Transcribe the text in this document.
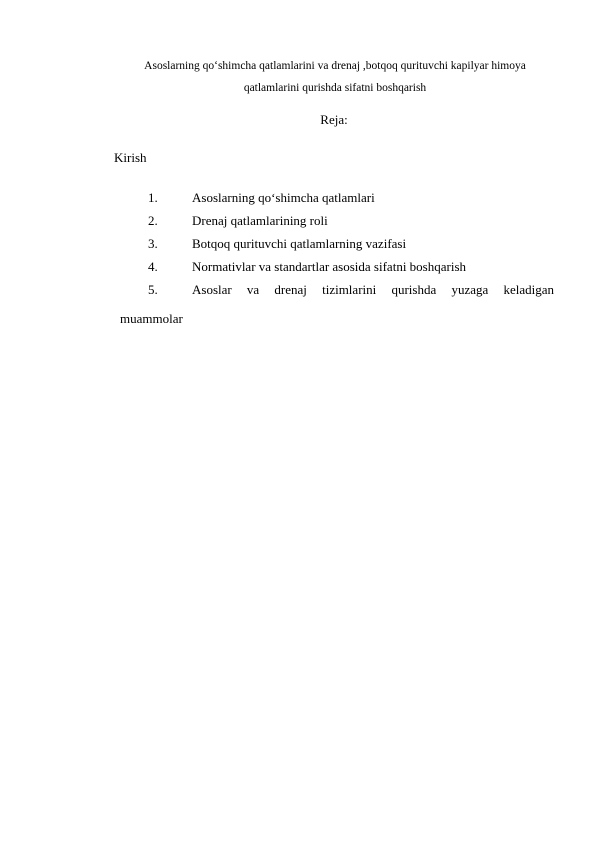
Asoslarning qo‘shimcha qatlamlarini va drenaj ,botqoq qurituvchi kapilyar himoya
qatlamlarini qurishda sifatni boshqarish
Reja:
Kirish
1.	Asoslarning qo‘shimcha qatlamlari
2.	Drenaj qatlamlarining roli
3.	Botqoq qurituvchi qatlamlarning vazifasi
4.	Normativlar va standartlar asosida sifatni boshqarish
5.	Asoslar va drenaj tizimlarini qurishda yuzaga keladigan
muammolar
